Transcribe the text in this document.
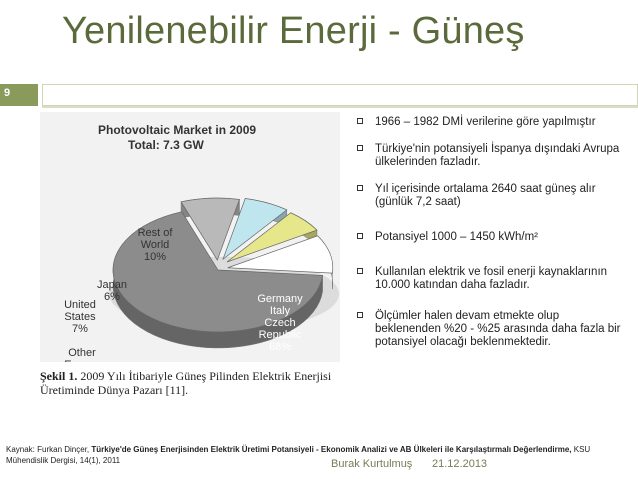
Yenilenebilir Enerji - Güneş
9
Photovoltaic Market in 2009
Total: 7.3 GW
Germany Italy Czech Republic 68%
Other
United States 7%
Japan 6%
Rest of World 10%
Şekil 1. 2009 Yılı İtibariyle Güneş Pilinden Elektrik Enerjisi Üretiminde Dünya Pazarı [11].
1966 – 1982 DMİ verilerine göre yapılmıştır
Türkiye'nin potansiyeli İspanya dışındaki Avrupa ülkelerinden fazladır.
Yıl içerisinde ortalama 2640 saat güneş alır (günlük 7,2 saat)
Potansiyel 1000 – 1450 kWh/m²
Kullanılan elektrik ve fosil enerji kaynaklarının 10.000 katından daha fazladır.
Ölçümler halen devam etmekte olup beklenenden %20 - %25 arasında daha fazla bir potansiyel olacağı beklenmektedir.
Kaynak: Furkan Dinçer, Türkiye'de Güneş Enerjisinden Elektrik Üretimi Potansiyeli - Ekonomik Analizi ve AB Ülkeleri ile Karşılaştırmalı Değerlendirme, KSU Mühendislik Dergisi, 14(1), 2011	Burak Kurtulmuş 21.12.2013
